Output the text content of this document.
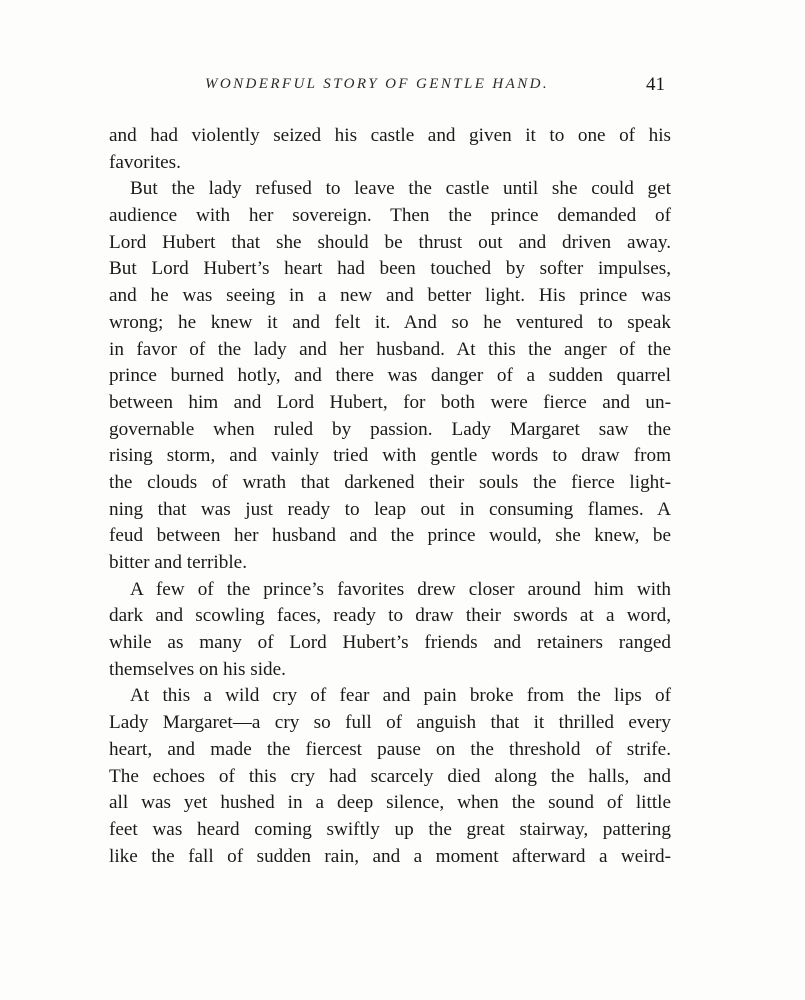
WONDERFUL STORY OF GENTLE HAND.	41
and had violently seized his castle and given it to one of his
favorites.
But the lady refused to leave the castle until she could get
audience with her sovereign. Then the prince demanded of
Lord Hubert that she should be thrust out and driven away.
But Lord Hubert’s heart had been touched by softer impulses,
and he was seeing in a new and better light. His prince was
wrong; he knew it and felt it. And so he ventured to speak
in favor of the lady and her husband. At this the anger of the
prince burned hotly, and there was danger of a sudden quarrel
between him and Lord Hubert, for both were fierce and un-
governable when ruled by passion. Lady Margaret saw the
rising storm, and vainly tried with gentle words to draw from
the clouds of wrath that darkened their souls the fierce light-
ning that was just ready to leap out in consuming flames. A
feud between her husband and the prince would, she knew, be
bitter and terrible.
A few of the prince’s favorites drew closer around him with
dark and scowling faces, ready to draw their swords at a word,
while as many of Lord Hubert’s friends and retainers ranged
themselves on his side.
At this a wild cry of fear and pain broke from the lips of
Lady Margaret—a cry so full of anguish that it thrilled every
heart, and made the fiercest pause on the threshold of strife.
The echoes of this cry had scarcely died along the halls, and
all was yet hushed in a deep silence, when the sound of little
feet was heard coming swiftly up the great stairway, pattering
like the fall of sudden rain, and a moment afterward a weird-
